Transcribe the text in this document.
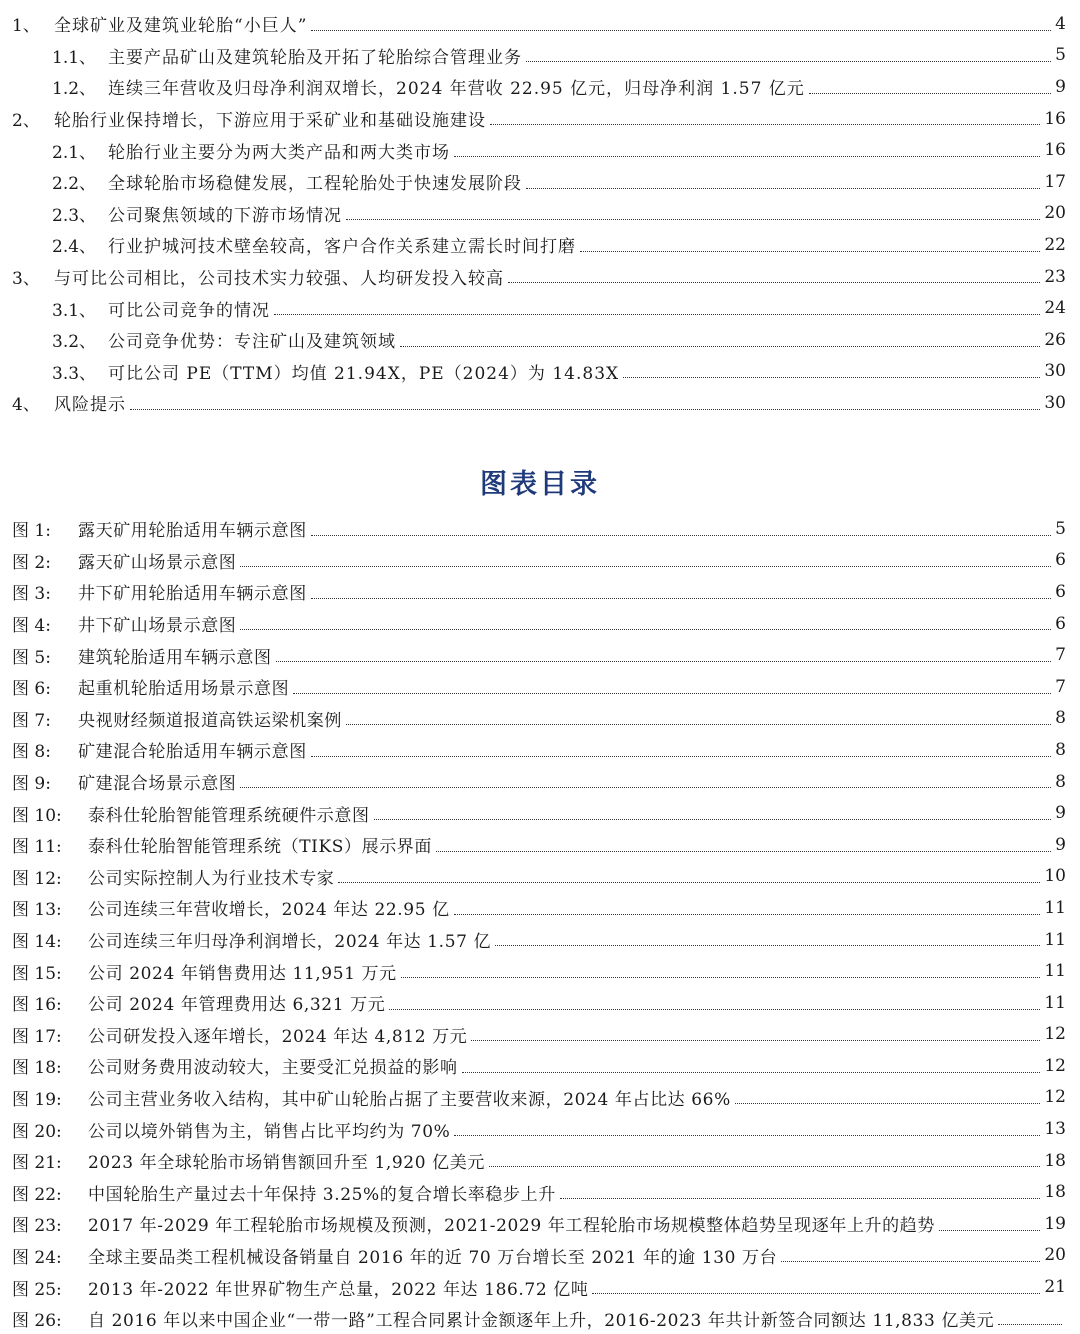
1、 全球矿业及建筑业轮胎“小巨人”	4
1.1、 主要产品矿山及建筑轮胎及开拓了轮胎综合管理业务	5
1.2、 连续三年营收及归母净利润双增长，2024 年营收 22.95 亿元，归母净利润 1.57 亿元	9
2、 轮胎行业保持增长，下游应用于采矿业和基础设施建设	16
2.1、 轮胎行业主要分为两大类产品和两大类市场	16
2.2、 全球轮胎市场稳健发展，工程轮胎处于快速发展阶段	17
2.3、 公司聚焦领域的下游市场情况	20
2.4、 行业护城河技术壁垒较高，客户合作关系建立需长时间打磨	22
3、 与可比公司相比，公司技术实力较强、人均研发投入较高	23
3.1、 可比公司竞争的情况	24
3.2、 公司竞争优势：专注矿山及建筑领域	26
3.3、 可比公司 PE（TTM）均值 21.94X，PE（2024）为 14.83X	30
4、 风险提示	30
图表目录
图 1:	露天矿用轮胎适用车辆示意图	5
图 2:	露天矿山场景示意图	6
图 3:	井下矿用轮胎适用车辆示意图	6
图 4:	井下矿山场景示意图	6
图 5:	建筑轮胎适用车辆示意图	7
图 6:	起重机轮胎适用场景示意图	7
图 7:	央视财经频道报道高铁运梁机案例	8
图 8:	矿建混合轮胎适用车辆示意图	8
图 9:	矿建混合场景示意图	8
图 10:	泰科仕轮胎智能管理系统硬件示意图	9
图 11:	泰科仕轮胎智能管理系统（TIKS）展示界面	9
图 12:	公司实际控制人为行业技术专家	10
图 13:	公司连续三年营收增长，2024 年达 22.95 亿	11
图 14:	公司连续三年归母净利润增长，2024 年达 1.57 亿	11
图 15:	公司 2024 年销售费用达 11,951 万元	11
图 16:	公司 2024 年管理费用达 6,321 万元	11
图 17:	公司研发投入逐年增长，2024 年达 4,812 万元	12
图 18:	公司财务费用波动较大，主要受汇兑损益的影响	12
图 19:	公司主营业务收入结构，其中矿山轮胎占据了主要营收来源，2024 年占比达 66%	12
图 20:	公司以境外销售为主，销售占比平均约为 70%	13
图 21:	2023 年全球轮胎市场销售额回升至 1,920 亿美元	18
图 22:	中国轮胎生产量过去十年保持 3.25%的复合增长率稳步上升	18
图 23:	2017 年-2029 年工程轮胎市场规模及预测，2021-2029 年工程轮胎市场规模整体趋势呈现逐年上升的趋势	19
图 24:	全球主要品类工程机械设备销量自 2016 年的近 70 万台增长至 2021 年的逾 130 万台	20
图 25:	2013 年-2022 年世界矿物生产总量，2022 年达 186.72 亿吨	21
图 26:	自 2016 年以来中国企业“一带一路”工程合同累计金额逐年上升，2016-2023 年共计新签合同额达 11,833 亿美元
